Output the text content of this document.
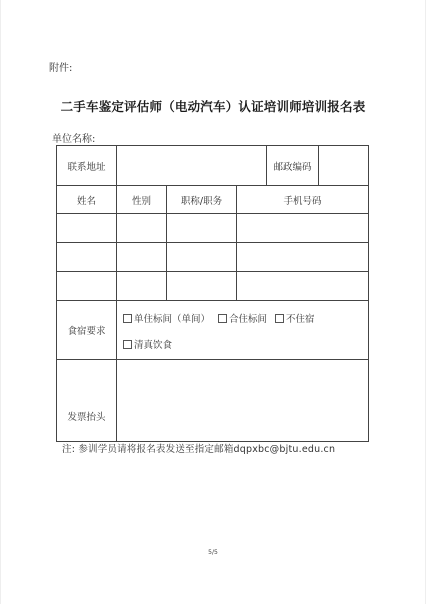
附件:
二手车鉴定评估师（电动汽车）认证培训师培训报名表
单位名称:
联系地址				邮政编码	
姓名	性别	职称/职务	手机号码		

食宿要求	单住标间（单间） 合住标间 不住宿
清真饮食				
发票抬头					
注: 参训学员请将报名表发送至指定邮箱dqpxbc@bjtu.edu.cn
5/5
